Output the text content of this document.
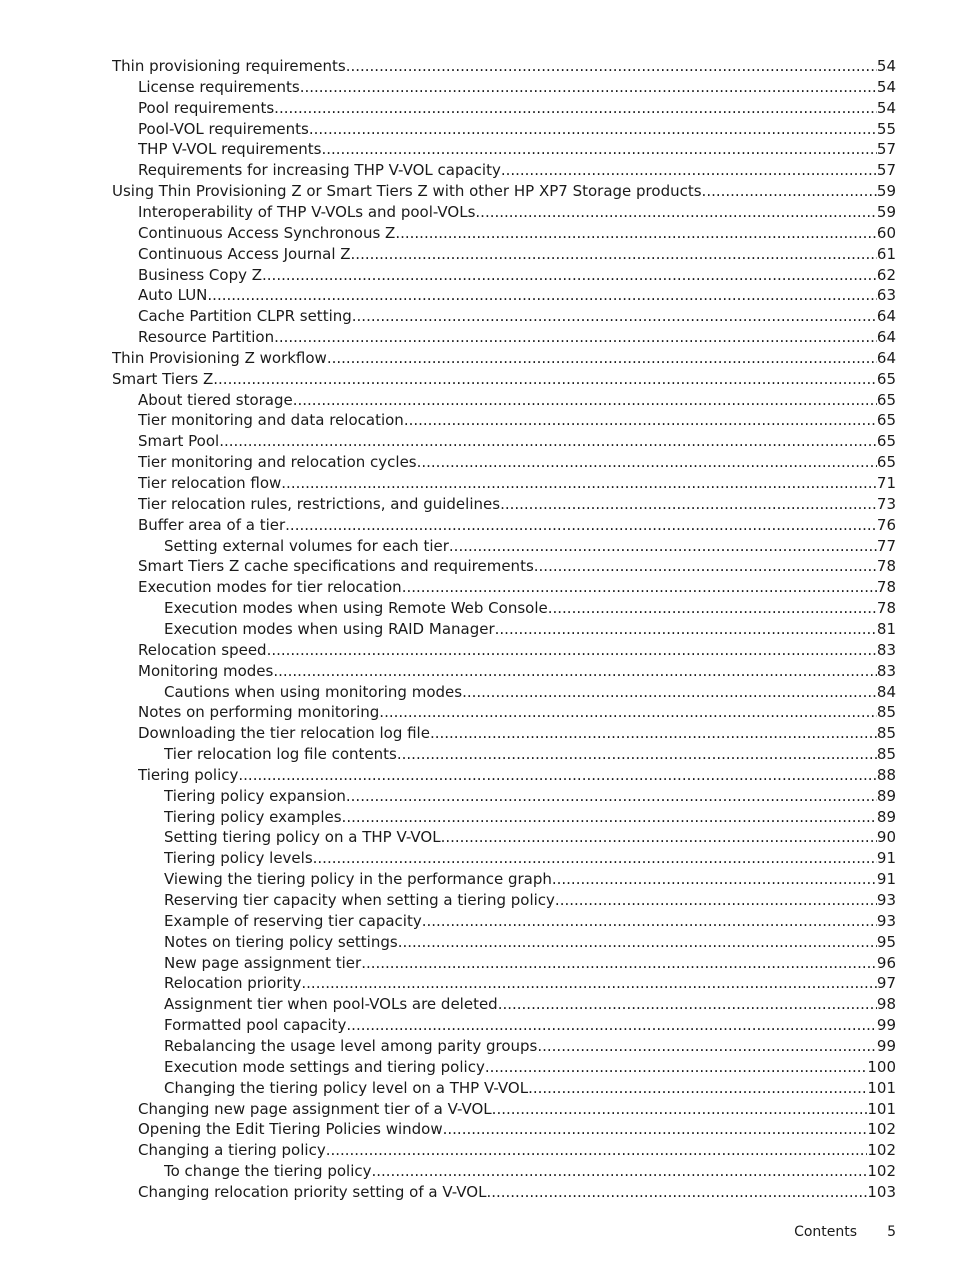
Thin provisioning requirements .....	54
License requirements .....	54
Pool requirements .....	54
Pool-VOL requirements .....	55
THP V-VOL requirements .....	57
Requirements for increasing THP V-VOL capacity .....	57
Using Thin Provisioning Z or Smart Tiers Z with other HP XP7 Storage products .....	59
Interoperability of THP V-VOLs and pool-VOLs .....	59
Continuous Access Synchronous Z .....	60
Continuous Access Journal Z .....	61
Business Copy Z .....	62
Auto LUN .....	63
Cache Partition CLPR setting .....	64
Resource Partition .....	64
Thin Provisioning Z workflow .....	64
Smart Tiers Z .....	65
About tiered storage .....	65
Tier monitoring and data relocation .....	65
Smart Pool .....	65
Tier monitoring and relocation cycles .....	65
Tier relocation flow .....	71
Tier relocation rules, restrictions, and guidelines .....	73
Buffer area of a tier .....	76
Setting external volumes for each tier .....	77
Smart Tiers Z cache specifications and requirements .....	78
Execution modes for tier relocation .....	78
Execution modes when using Remote Web Console .....	78
Execution modes when using RAID Manager .....	81
Relocation speed .....	83
Monitoring modes .....	83
Cautions when using monitoring modes .....	84
Notes on performing monitoring .....	85
Downloading the tier relocation log file .....	85
Tier relocation log file contents .....	85
Tiering policy .....	88
Tiering policy expansion .....	89
Tiering policy examples .....	89
Setting tiering policy on a THP V-VOL .....	90
Tiering policy levels .....	91
Viewing the tiering policy in the performance graph .....	91
Reserving tier capacity when setting a tiering policy .....	93
Example of reserving tier capacity .....	93
Notes on tiering policy settings .....	95
New page assignment tier .....	96
Relocation priority .....	97
Assignment tier when pool-VOLs are deleted .....	98
Formatted pool capacity .....	99
Rebalancing the usage level among parity groups .....	99
Execution mode settings and tiering policy .....	100
Changing the tiering policy level on a THP V-VOL .....	101
Changing new page assignment tier of a V-VOL .....	101
Opening the Edit Tiering Policies window .....	102
Changing a tiering policy .....	102
To change the tiering policy .....	102
Changing relocation priority setting of a V-VOL .....	103
Contents 5
